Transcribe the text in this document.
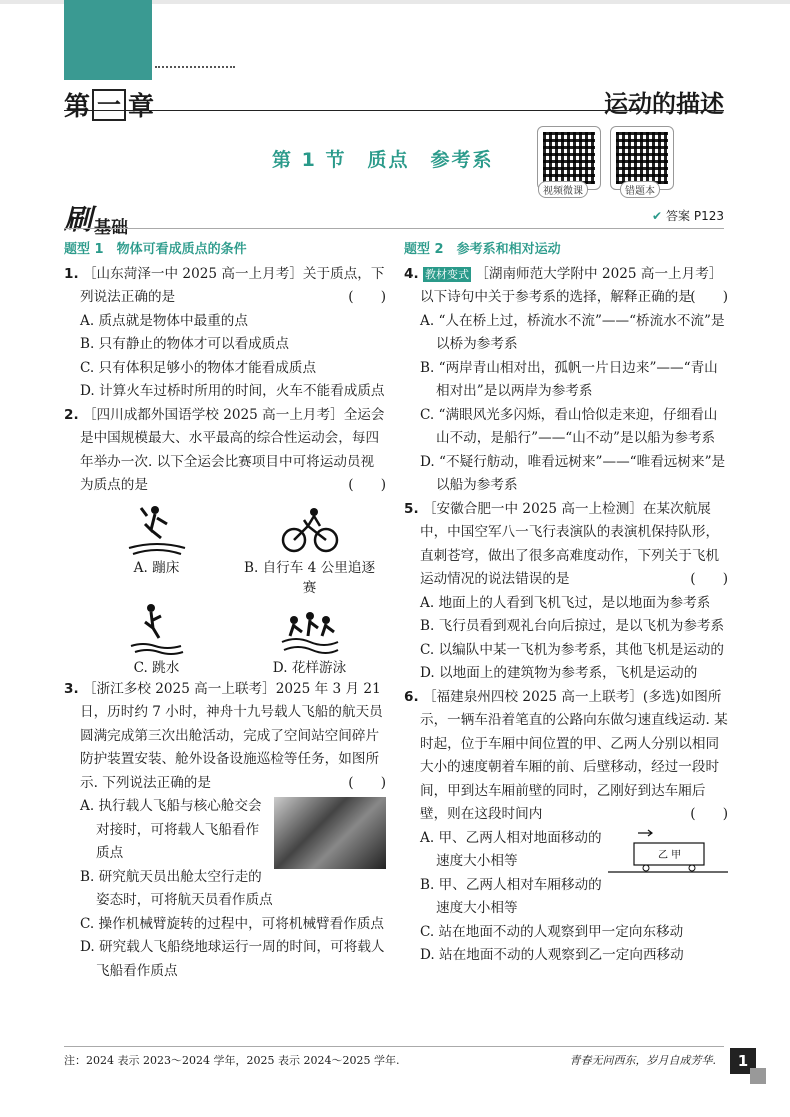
第 一 章	运动的描述
第 1 节　质点　参考系
视频微课	错题本
刷 基础
✔ 答案 P123
题型 1　物体可看成质点的条件
1. ［山东菏泽一中 2025 高一上月考］关于质点，下列说法正确的是	(　　)
A. 质点就是物体中最重的点
B. 只有静止的物体才可以看成质点
C. 只有体积足够小的物体才能看成质点
D. 计算火车过桥时所用的时间，火车不能看成质点
2. ［四川成都外国语学校 2025 高一上月考］全运会是中国规模最大、水平最高的综合性运动会，每四年举办一次. 以下全运会比赛项目中可将运动员视为质点的是	(　　)
A. 蹦床	B. 自行车 4 公里追逐赛
C. 跳水	D. 花样游泳
3. ［浙江多校 2025 高一上联考］2025 年 3 月 21 日，历时约 7 小时，神舟十九号载人飞船的航天员圆满完成第三次出舱活动，完成了空间站空间碎片防护装置安装、舱外设备设施巡检等任务，如图所示. 下列说法正确的是	(　　)
A. 执行载人飞船与核心舱交会对接时，可将载人飞船看作质点
B. 研究航天员出舱太空行走的姿态时，可将航天员看作质点
C. 操作机械臂旋转的过程中，可将机械臂看作质点
D. 研究载人飞船绕地球运行一周的时间，可将载人飞船看作质点
题型 2　参考系和相对运动
4. 教材变式 ［湖南师范大学附中 2025 高一上月考］以下诗句中关于参考系的选择，解释正确的是
(　　)
A. “人在桥上过，桥流水不流”——“桥流水不流”是以桥为参考系
B. “两岸青山相对出，孤帆一片日边来”——“青山相对出”是以两岸为参考系
C. “满眼风光多闪烁，看山恰似走来迎，仔细看山山不动，是船行”——“山不动”是以船为参考系
D. “不疑行舫动，唯看远树来”——“唯看远树来”是以船为参考系
5. ［安徽合肥一中 2025 高一上检测］在某次航展中，中国空军八一飞行表演队的表演机保持队形，直刺苍穹，做出了很多高难度动作，下列关于飞机运动情况的说法错误的是	(　　)
A. 地面上的人看到飞机飞过，是以地面为参考系
B. 飞行员看到观礼台向后掠过，是以飞机为参考系
C. 以编队中某一飞机为参考系，其他飞机是运动的
D. 以地面上的建筑物为参考系，飞机是运动的
6. ［福建泉州四校 2025 高一上联考］(多选)如图所示，一辆车沿着笔直的公路向东做匀速直线运动. 某时起，位于车厢中间位置的甲、乙两人分别以相同大小的速度朝着车厢的前、后壁移动，经过一段时间，甲到达车厢前壁的同时，乙刚好到达车厢后壁，则在这段时间内	(　　)
乙 甲
A. 甲、乙两人相对地面移动的速度大小相等
B. 甲、乙两人相对车厢移动的速度大小相等
C. 站在地面不动的人观察到甲一定向东移动
D. 站在地面不动的人观察到乙一定向西移动
注：2024 表示 2023～2024 学年，2025 表示 2024～2025 学年.	青春无问西东，岁月自成芳华.	1
